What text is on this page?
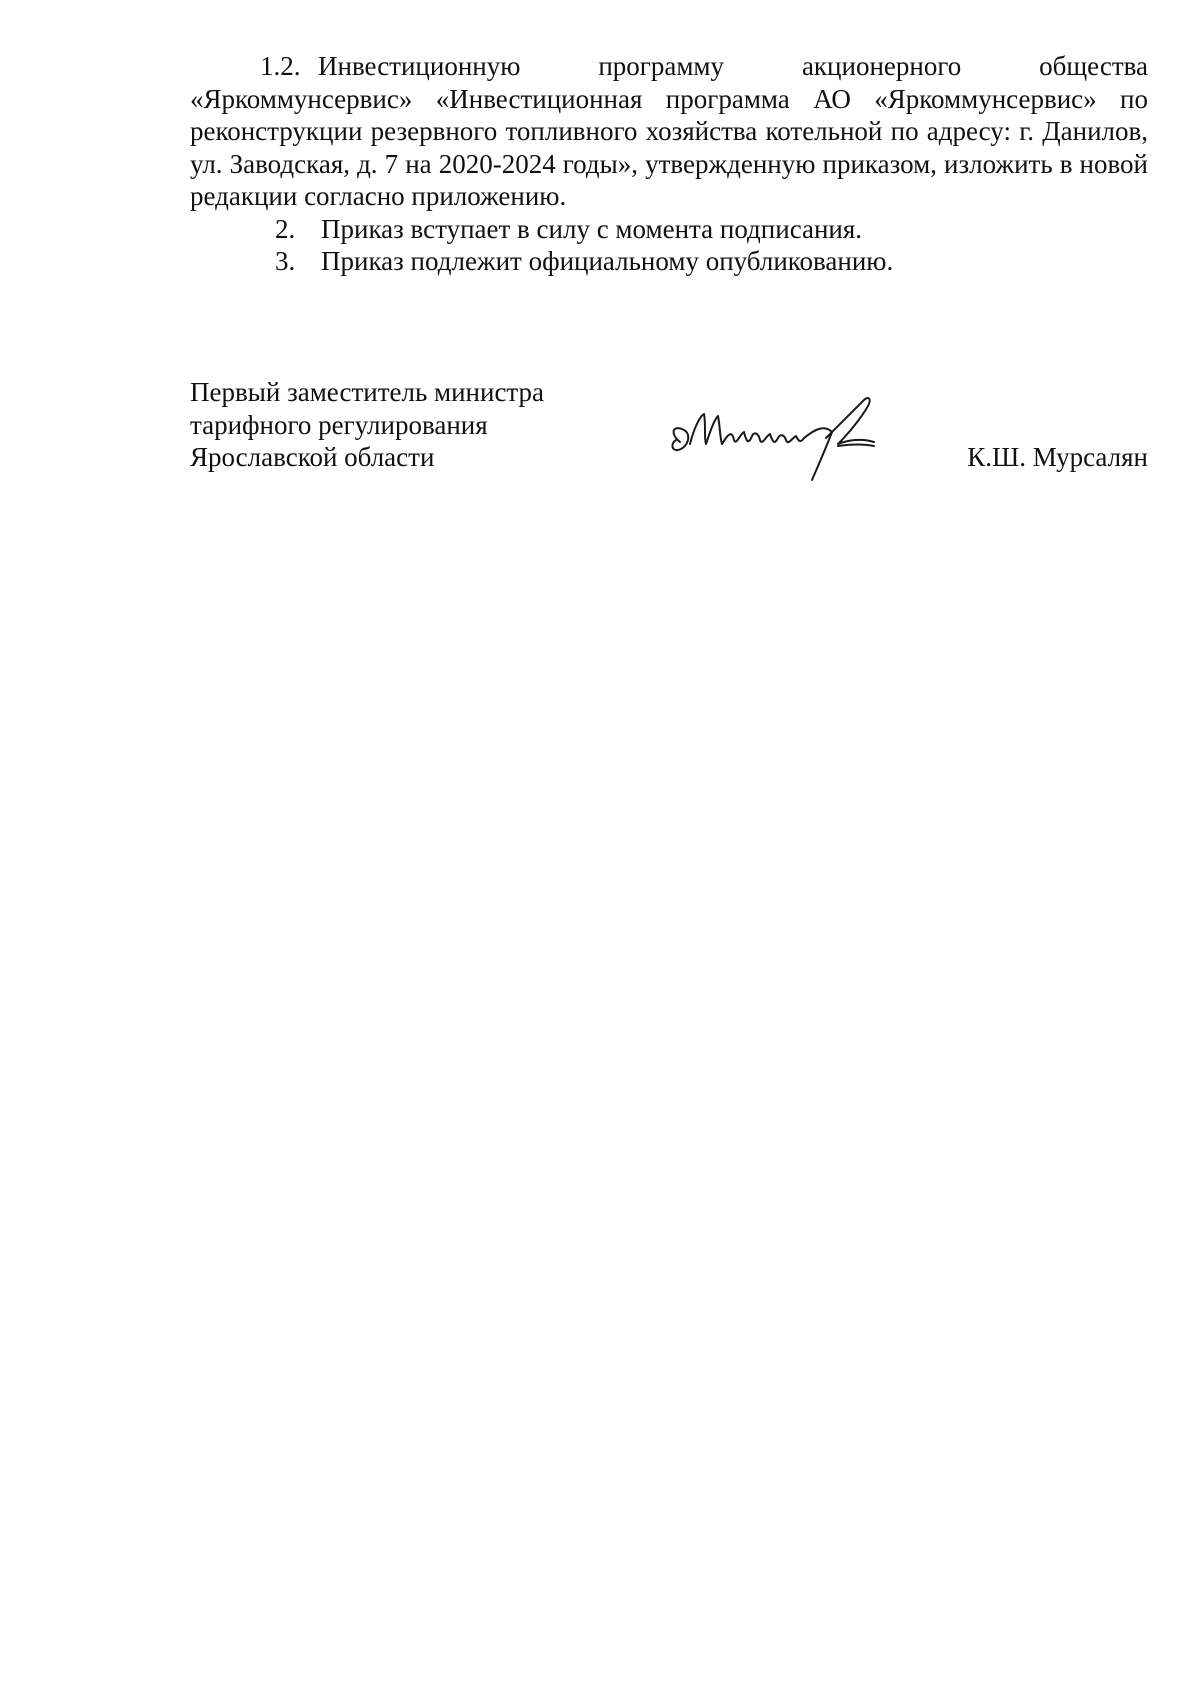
1.2. Инвестиционную программу акционерного общества «Яркоммунсервис» «Инвестиционная программа АО «Яркоммунсервис» по реконструкции резервного топливного хозяйства котельной по адресу: г. Данилов, ул. Заводская, д. 7 на 2020-2024 годы», утвержденную приказом, изложить в новой редакции согласно приложению.

2. Приказ вступает в силу с момента подписания.

3. Приказ подлежит официальному опубликованию.

Первый заместитель министра
тарифного регулирования
Ярославской области	К.Ш. Мурсалян
